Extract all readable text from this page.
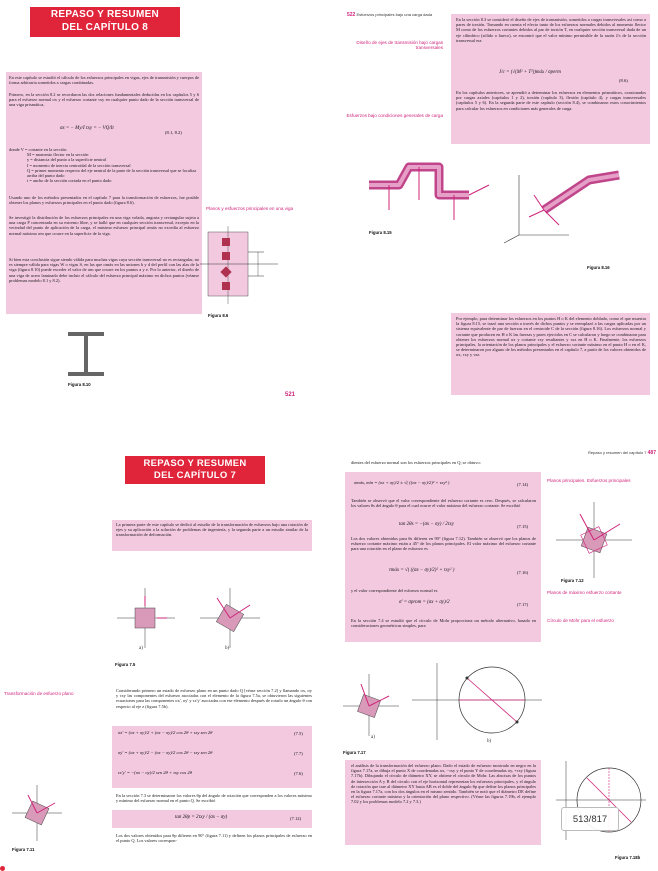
REPASO Y RESUMEN
DEL CAPÍTULO 8
En este capítulo se estudió el cálculo de los esfuerzos principales en vigas, ejes de transmisión y cuerpos de forma arbitraria sometidos a cargas combinadas.
Primero, en la sección 8.2 se recordaron las dos relaciones fundamentales deducidas en los capítulos 5 y 6 para el esfuerzo normal σx y el esfuerzo cortante τxy en cualquier punto dado de la sección transversal de una viga prismática,
σx = − My/I τxy = − VQ/It
(8.1, 8.2)
donde V = cortante en la sección
M = momento flector en la sección
y = distancia del punto a la superficie neutral
I = momento de inercia centroidal de la sección transversal
Q = primer momento respecto del eje neutral de la parte de la sección transversal que se localiza arriba del punto dado
t = ancho de la sección cortada en el punto dado
Usando uno de los métodos presentados en el capítulo 7 para la transformación de esfuerzos, fue posible obtener los planos y esfuerzos principales en el punto dado (figura 8.6).
Se investigó la distribución de los esfuerzos principales en una viga volada, angosta y rectangular sujeta a una carga P concentrada en su extremo libre, y se halló que en cualquier sección transversal, excepto en la vecindad del punto de aplicación de la carga, el máximo esfuerzo principal σmáx no excedía al esfuerzo normal máximo σm que ocurre en la superficie de la viga.
Si bien esta conclusión sigue siendo válida para muchas vigas cuya sección transversal no es rectangular, no es siempre válida para vigas W o vigas S, en las que σmáx en las uniones b y d del perfil con las alas de la viga (figura 8.10) puede exceder el valor de σm que ocurre en los puntos a y e. Por lo anterior, el diseño de una viga de acero laminado debe incluir el cálculo del esfuerzo principal máximo en dichos puntos (véanse problemas modelo 8.1 y 8.2).
Planos y esfuerzos principales en una viga
Figura 8.6
Figura 8.10
521
522 Esfuerzos principales bajo una carga dada
En la sección 8.3 se consideró el diseño de ejes de transmisión, sometidos a cargas transversales así como a pares de torsión. Tomando en cuenta el efecto tanto de los esfuerzos normales debidos al momento flector M como de los esfuerzos cortantes debidos al par de torsión T, en cualquier sección transversal dada de un eje cilíndrico (sólido o hueco), se encontró que el valor mínimo permisible de la razón J/c de la sección transversal era
J/c = (√(M² + T²))máx / σperm
(8.6)
En los capítulos anteriores, se aprendió a determinar los esfuerzos en elementos prismáticos, ocasionados por cargas axiales (capítulos 1 y 2), torsión (capítulo 3), flexión (capítulo 4), y cargas transversales (capítulos 5 y 6). En la segunda parte de este capítulo (sección 8.4), se combinaron estos conocimientos para calcular los esfuerzos en condiciones más generales de carga.
Diseño de ejes de transmisión bajo cargas transversales
Esfuerzos bajo condiciones generales de carga
Figura 8.15
Figura 8.16
Por ejemplo, para determinar los esfuerzos en los puntos H o K del elemento doblado, como el que muestra la figura 8.15, se trazó una sección a través de dichos puntos y se reemplazó a las cargas aplicadas por un sistema equivalente de par de fuerzas en el centroide C de la sección (figura 8.16). Los esfuerzos normal y cortante que producen en H o K las fuerzas y pares ejercidos en C se calcularon y luego se combinaron para obtener los esfuerzos normal σx y cortante τxy resultantes y τxz en H o K. Finalmente, los esfuerzos principales, la orientación de los planos principales y el esfuerzo cortante máximo en el punto H o en el K, se determinaron por alguno de los métodos presentados en el capítulo 7, a partir de los valores obtenidos de σx, τxy y τxz.
REPASO Y RESUMEN
DEL CAPÍTULO 7
La primera parte de este capítulo se dedicó al estudio de la transformación de esfuerzos bajo una rotación de ejes y su aplicación a la solución de problemas de ingeniería, y la segunda parte a un estudio similar de la transformación de deformación.
a)	b)
Figura 7.5
Transformación de esfuerzo plano
Considerando primero un estado de esfuerzo plano en un punto dado Q [véase sección 7.2] y llamando σx, σy y τxy las componentes del esfuerzo asociadas con el elemento de la figura 7.5a, se obtuvieron las siguientes ecuaciones para las componentes σx', σy' y τx'y' asociadas con ese elemento después de rotarlo un ángulo θ con respecto al eje z (figura 7.5b).
σx' = (σx + σy)/2 + (σx − σy)/2 cos 2θ + τxy sen 2θ	(7.5)
σy' = (σx + σy)/2 − (σx − σy)/2 cos 2θ − τxy sen 2θ	(7.7)
τx'y' = −(σx − σy)/2 sen 2θ + τxy cos 2θ	(7.6)
En la sección 7.3 se determinaron los valores θp del ángulo de rotación que corresponden a los valores máximo y mínimo del esfuerzo normal en el punto Q. Se escribió
tan 2θp = 2τxy / (σx − σy)	(7.12)
Los dos valores obtenidos para θp difieren en 90° (figura 7.11) y definen los planos principales de esfuerzo en el punto Q. Los valores correspon-
Figura 7.11
Repaso y resumen del capítulo 7 487
dientes del esfuerzo normal son los esfuerzos principales en Q; se obtuvo:
σmáx, mín = (σx + σy)/2 ± √( ((σx − σy)/2)² + τxy² )	(7.14)
También se observó que el valor correspondiente del esfuerzo cortante es cero. Después, se calcularon los valores θs del ángulo θ para el cual ocurre el valor máximo del esfuerzo cortante. Se escribió
tan 2θs = −(σx − σy) / 2τxy	(7.15)
Los dos valores obtenidos para θs difieren en 90° (figura 7.12). También se observó que los planos de esfuerzo cortante máximo están a 45° de los planos principales. El valor máximo del esfuerzo cortante para una rotación en el plano de esfuerzo es
τmáx = √( ((σx − σy)/2)² + τxy² )	(7.16)
y el valor correspondiente del esfuerzo normal es
σ' = σprom = (σx + σy)/2	(7.17)
En la sección 7.4 se estudió que el círculo de Mohr proporciona un método alternativo, basado en consideraciones geométricas simples, para
Planos principales. Esfuerzos principales
Planos de máximo esfuerzo cortante
Círculo de Mohr para el esfuerzo
Figura 7.12
a)
b)
Figura 7.17
el análisis de la transformación del esfuerzo plano. Dado el estado de esfuerzo mostrado en negro en la figura 7.17a, se dibuja el punto X de coordenadas σx, −τxy y el punto Y de coordenadas σy, +τxy (figura 7.17b). Dibujando el círculo de diámetro XY, se obtiene el círculo de Mohr. Las abscisas de los puntos de intersección A y B del círculo con el eje horizontal representan los esfuerzos principales, y el ángulo de rotación que trae al diámetro XY hasta AB es el doble del ángulo θp que define los planos principales en la figura 7.17a, con los dos ángulos en el mismo sentido. También se notó que el diámetro DE define el esfuerzo cortante máximo y la orientación del plano respectivo. (Véase las figuras 7.19b, el ejemplo 7.02 y los problemas modelo 7.2 y 7.3.)
Figura 7.18b
513/817
